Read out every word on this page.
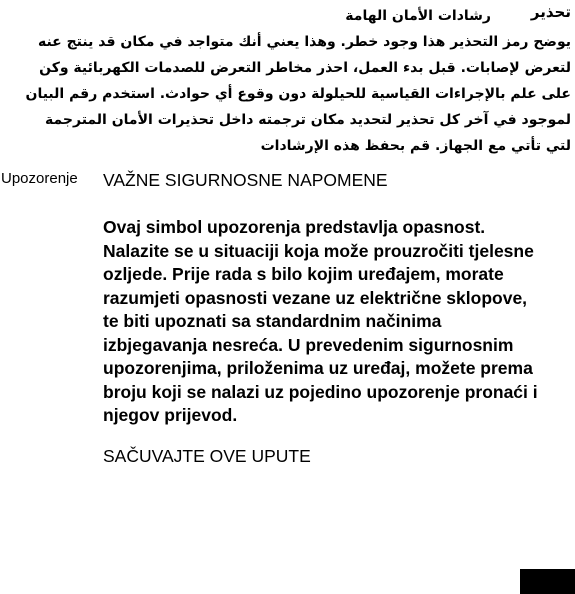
تحذير
رشادات الأمان الهامة
يوضح رمز التحذير هذا وجود خطر. وهذا يعني أنك متواجد في مكان قد ينتج عنه
لتعرض لإصابات. قبل بدء العمل، احذر مخاطر التعرض للصدمات الكهربائية وكن
على علم بالإجراءات القياسية للحيلولة دون وقوع أي حوادث. استخدم رقم البيان
لموجود في آخر كل تحذير لتحديد مكان ترجمته داخل تحذيرات الأمان المترجمة
لتي تأتي مع الجهاز. قم بحفظ هذه الإرشادات
Upozorenje VAŽNE SIGURNOSNE NAPOMENE
Ovaj simbol upozorenja predstavlja opasnost.
Nalazite se u situaciji koja može prouzročiti tjelesne
ozljede. Prije rada s bilo kojim uređajem, morate
razumjeti opasnosti vezane uz električne sklopove,
te biti upoznati sa standardnim načinima
izbjegavanja nesreća. U prevedenim sigurnosnim
upozorenjima, priloženima uz uređaj, možete prema
broju koji se nalazi uz pojedino upozorenje pronaći i
njegov prijevod.
SAČUVAJTE OVE UPUTE
